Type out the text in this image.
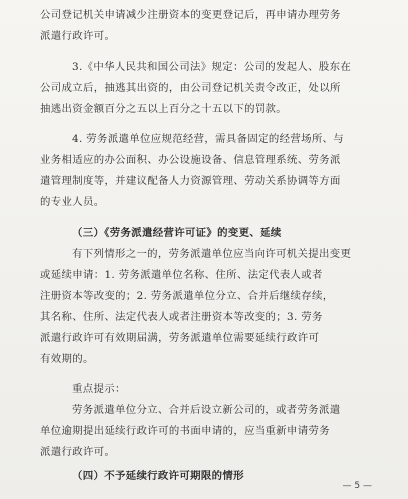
公司登记机关申请减少注册资本的变更登记后，再申请办理劳务
派遣行政许可。
3.《中华人民共和国公司法》规定：公司的发起人、股东在
公司成立后，抽逃其出资的，由公司登记机关责令改正，处以所
抽逃出资金额百分之五以上百分之十五以下的罚款。
4. 劳务派遣单位应规范经营，需具备固定的经营场所、与
业务相适应的办公面积、办公设施设备、信息管理系统、劳务派
遣管理制度等，并建议配备人力资源管理、劳动关系协调等方面
的专业人员。
（三）《劳务派遣经营许可证》的变更、延续
有下列情形之一的，劳务派遣单位应当向许可机关提出变更
或延续申请：1. 劳务派遣单位名称、住所、法定代表人或者
注册资本等改变的；2. 劳务派遣单位分立、合并后继续存续，
其名称、住所、法定代表人或者注册资本等改变的；3. 劳务
派遣行政许可有效期届满，劳务派遣单位需要延续行政许可
有效期的。
重点提示：
劳务派遣单位分立、合并后设立新公司的，或者劳务派遣
单位逾期提出延续行政许可的书面申请的，应当重新申请劳务
派遣行政许可。
（四）不予延续行政许可期限的情形
— 5 —
